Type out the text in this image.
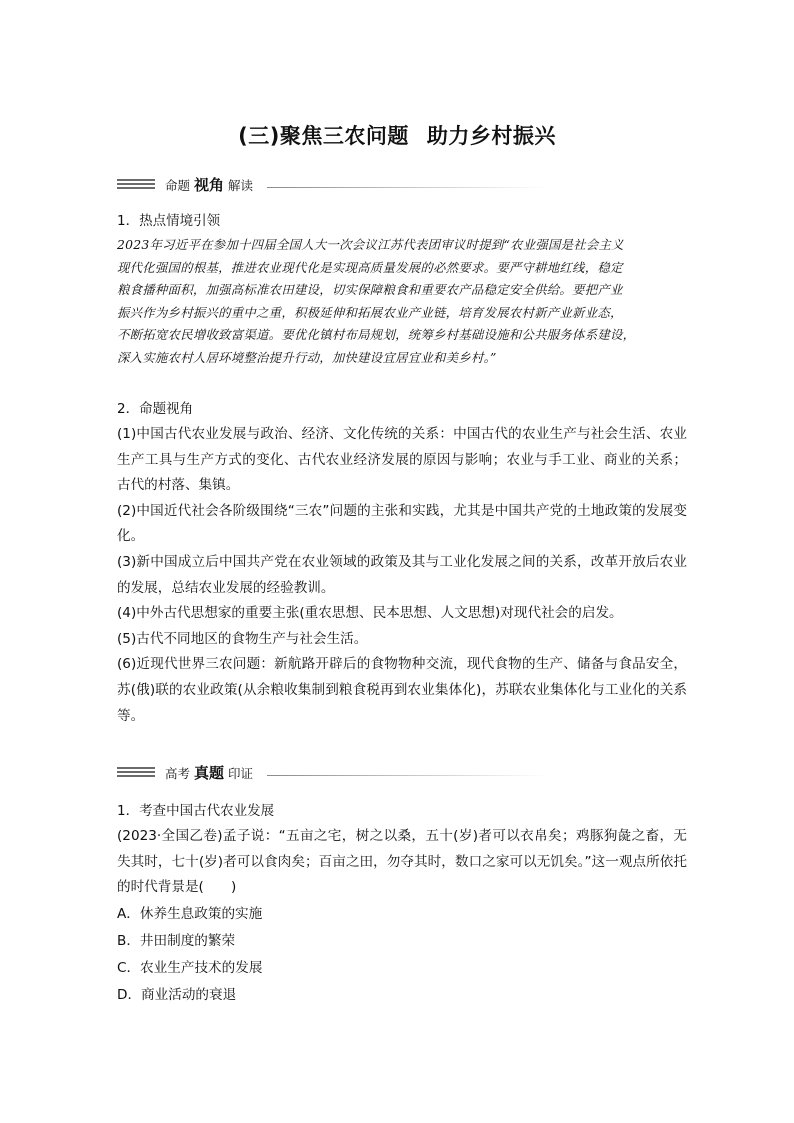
(三)聚焦三农问题 助力乡村振兴
命题 视角 解读
1．热点情境引领

2023年习近平在参加十四届全国人大一次会议江苏代表团审议时提到“农业强国是社会主义

现代化强国的根基，推进农业现代化是实现高质量发展的必然要求。要严守耕地红线，稳定

粮食播种面积，加强高标准农田建设，切实保障粮食和重要农产品稳定安全供给。要把产业

振兴作为乡村振兴的重中之重，积极延伸和拓展农业产业链，培育发展农村新产业新业态，

不断拓宽农民增收致富渠道。要优化镇村布局规划，统筹乡村基础设施和公共服务体系建设，

深入实施农村人居环境整治提升行动，加快建设宜居宜业和美乡村。”

2．命题视角

(1)中国古代农业发展与政治、经济、文化传统的关系：中国古代的农业生产与社会生活、农业生产工具与生产方式的变化、古代农业经济发展的原因与影响；农业与手工业、商业的关系；古代的村落、集镇。

(2)中国近代社会各阶级围绕“三农”问题的主张和实践，尤其是中国共产党的土地政策的发展变化。

(3)新中国成立后中国共产党在农业领域的政策及其与工业化发展之间的关系，改革开放后农业的发展，总结农业发展的经验教训。

(4)中外古代思想家的重要主张(重农思想、民本思想、人文思想)对现代社会的启发。

(5)古代不同地区的食物生产与社会生活。

(6)近现代世界三农问题：新航路开辟后的食物物种交流，现代食物的生产、储备与食品安全，苏(俄)联的农业政策(从余粮收集制到粮食税再到农业集体化)，苏联农业集体化与工业化的关系等。

高考 真题 印证
1．考查中国古代农业发展

(2023·全国乙卷)孟子说：“五亩之宅，树之以桑，五十(岁)者可以衣帛矣；鸡豚狗彘之畜，无失其时，七十(岁)者可以食肉矣；百亩之田，勿夺其时，数口之家可以无饥矣。”这一观点所依托的时代背景是(　　)

A．休养生息政策的实施

B．井田制度的繁荣

C．农业生产技术的发展

D．商业活动的衰退
